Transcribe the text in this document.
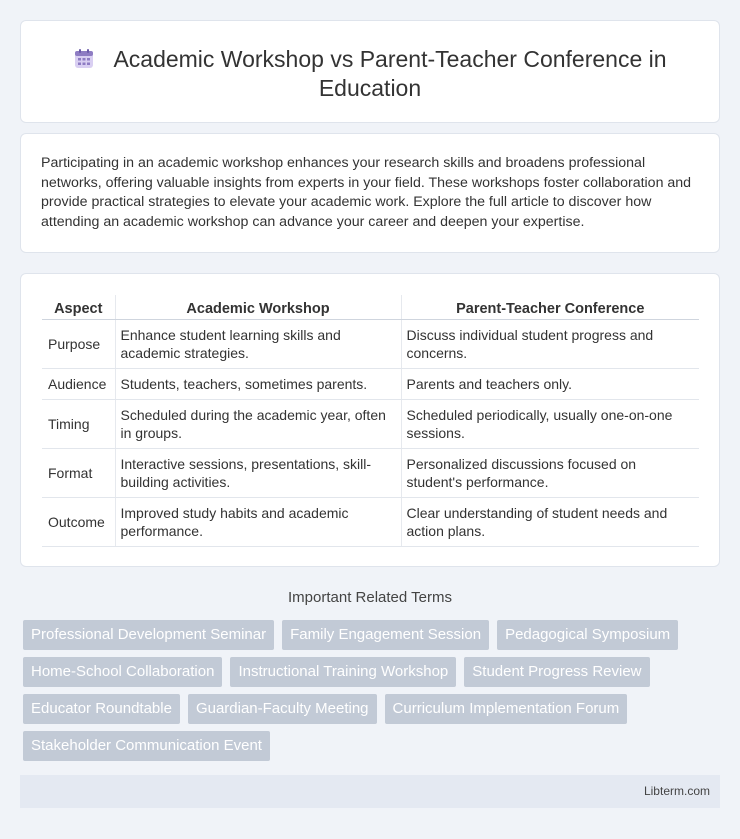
Academic Workshop vs Parent-Teacher Conference in
Education

Participating in an academic workshop enhances your research skills and broadens professional networks, offering valuable insights from experts in your field. These workshops foster collaboration and provide practical strategies to elevate your academic work. Explore the full article to discover how attending an academic workshop can advance your career and deepen your expertise.

Aspect	Academic Workshop	Parent-Teacher Conference
Purpose	Enhance student learning skills and academic strategies.	Discuss individual student progress and concerns.
Audience	Students, teachers, sometimes parents.	Parents and teachers only.
Timing	Scheduled during the academic year, often in groups.	Scheduled periodically, usually one-on-one sessions.
Format	Interactive sessions, presentations, skill-building activities.	Personalized discussions focused on student's performance.
Outcome	Improved study habits and academic performance.	Clear understanding of student needs and action plans.
Important Related Terms
Professional Development Seminar	Family Engagement Session	Pedagogical Symposium
Home-School Collaboration	Instructional Training Workshop	Student Progress Review
Educator Roundtable	Guardian-Faculty Meeting	Curriculum Implementation Forum
Stakeholder Communication Event
Libterm.com
